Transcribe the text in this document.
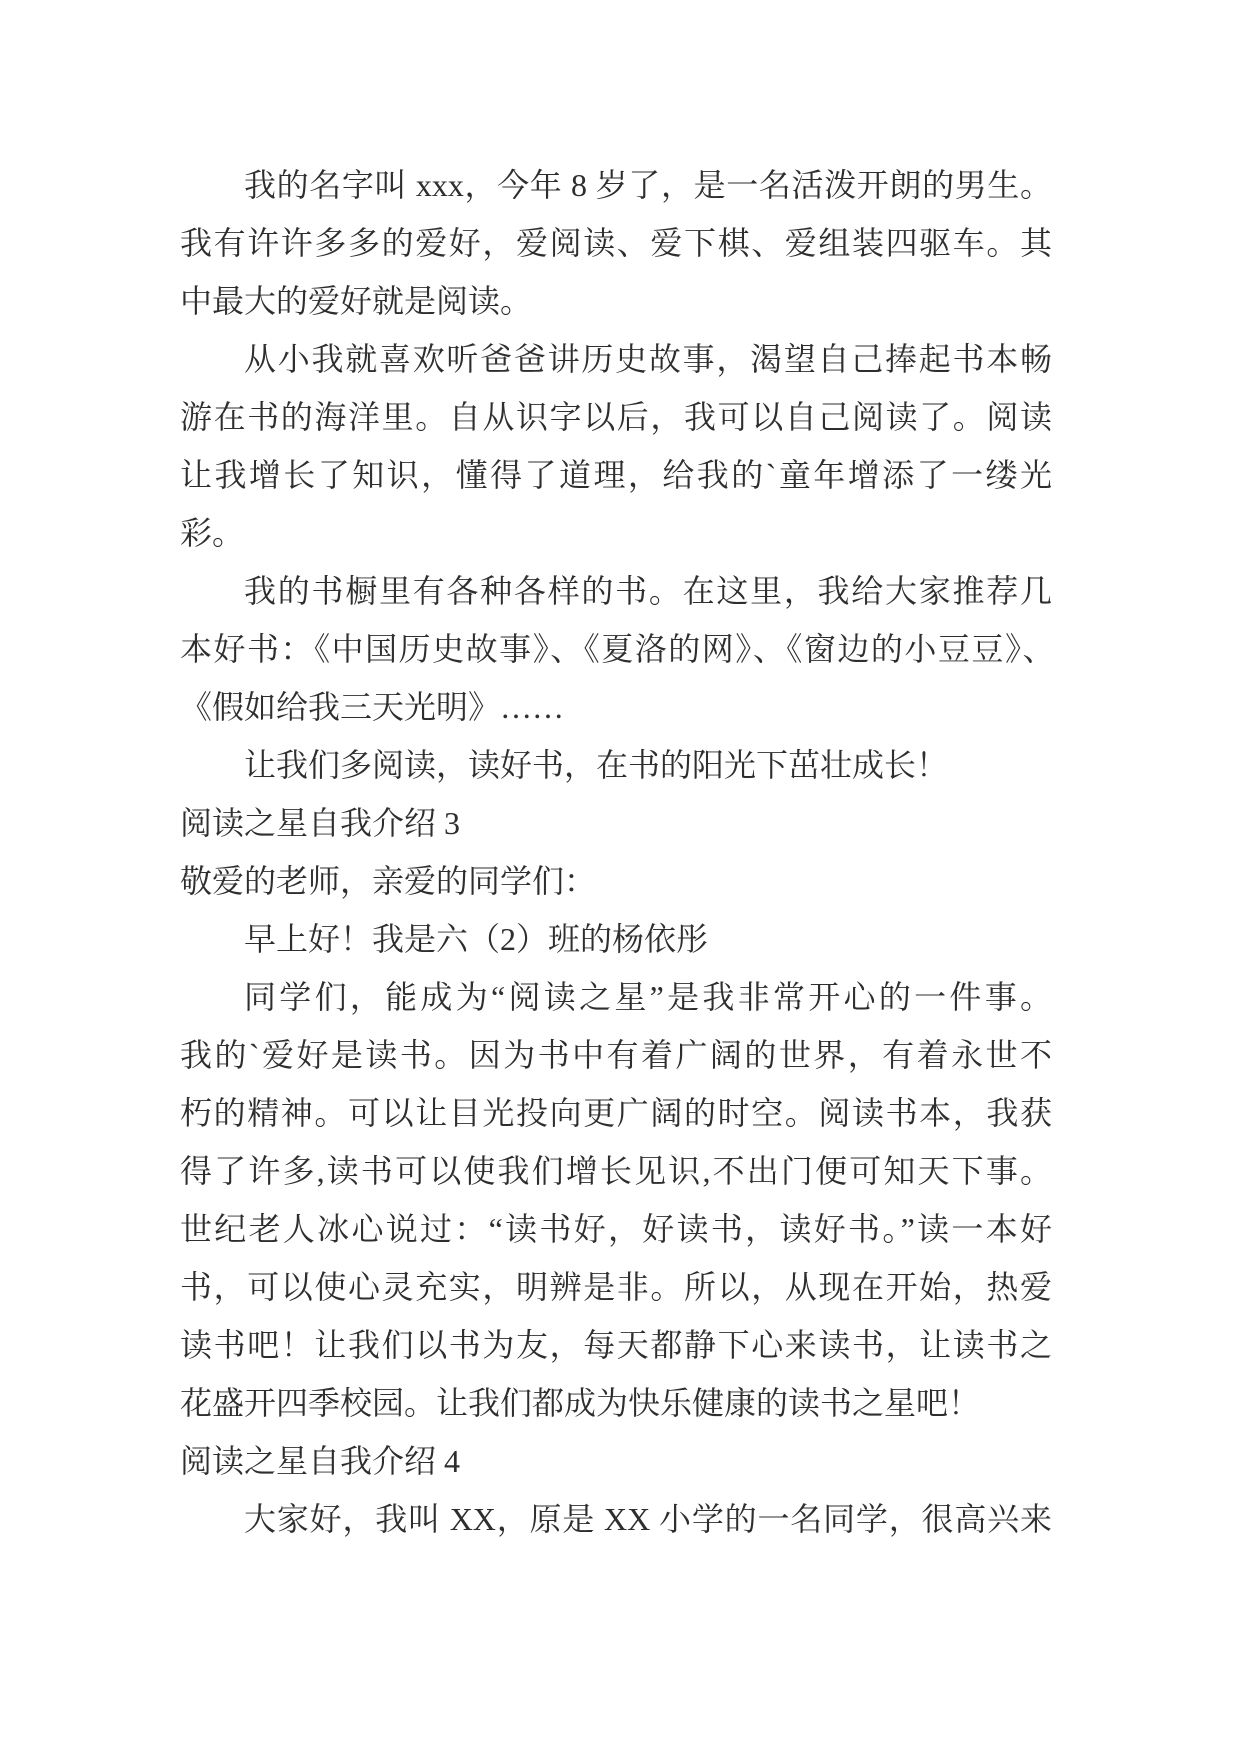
我的名字叫 xxx，今年 8 岁了，是一名活泼开朗的男生。
我有许许多多的爱好，爱阅读、爱下棋、爱组装四驱车。其
中最大的爱好就是阅读。
从小我就喜欢听爸爸讲历史故事，渴望自己捧起书本畅
游在书的海洋里。自从识字以后，我可以自己阅读了。阅读
让我增长了知识，懂得了道理，给我的`童年增添了一缕光
彩。
我的书橱里有各种各样的书。在这里，我给大家推荐几
本好书：《中国历史故事》、《夏洛的网》、《窗边的小豆豆》、
《假如给我三天光明》……
让我们多阅读，读好书，在书的阳光下茁壮成长！
阅读之星自我介绍 3
敬爱的老师，亲爱的同学们：
早上好！我是六（2）班的杨依彤
同学们，能成为“阅读之星”是我非常开心的一件事。
我的`爱好是读书。因为书中有着广阔的世界，有着永世不
朽的精神。可以让目光投向更广阔的时空。阅读书本，我获
得了许多,读书可以使我们增长见识,不出门便可知天下事。
世纪老人冰心说过：“读书好，好读书，读好书。”读一本好
书，可以使心灵充实，明辨是非。所以，从现在开始，热爱
读书吧！让我们以书为友，每天都静下心来读书，让读书之
花盛开四季校园。让我们都成为快乐健康的读书之星吧！
阅读之星自我介绍 4
大家好，我叫 XX，原是 XX 小学的一名同学，很高兴来
